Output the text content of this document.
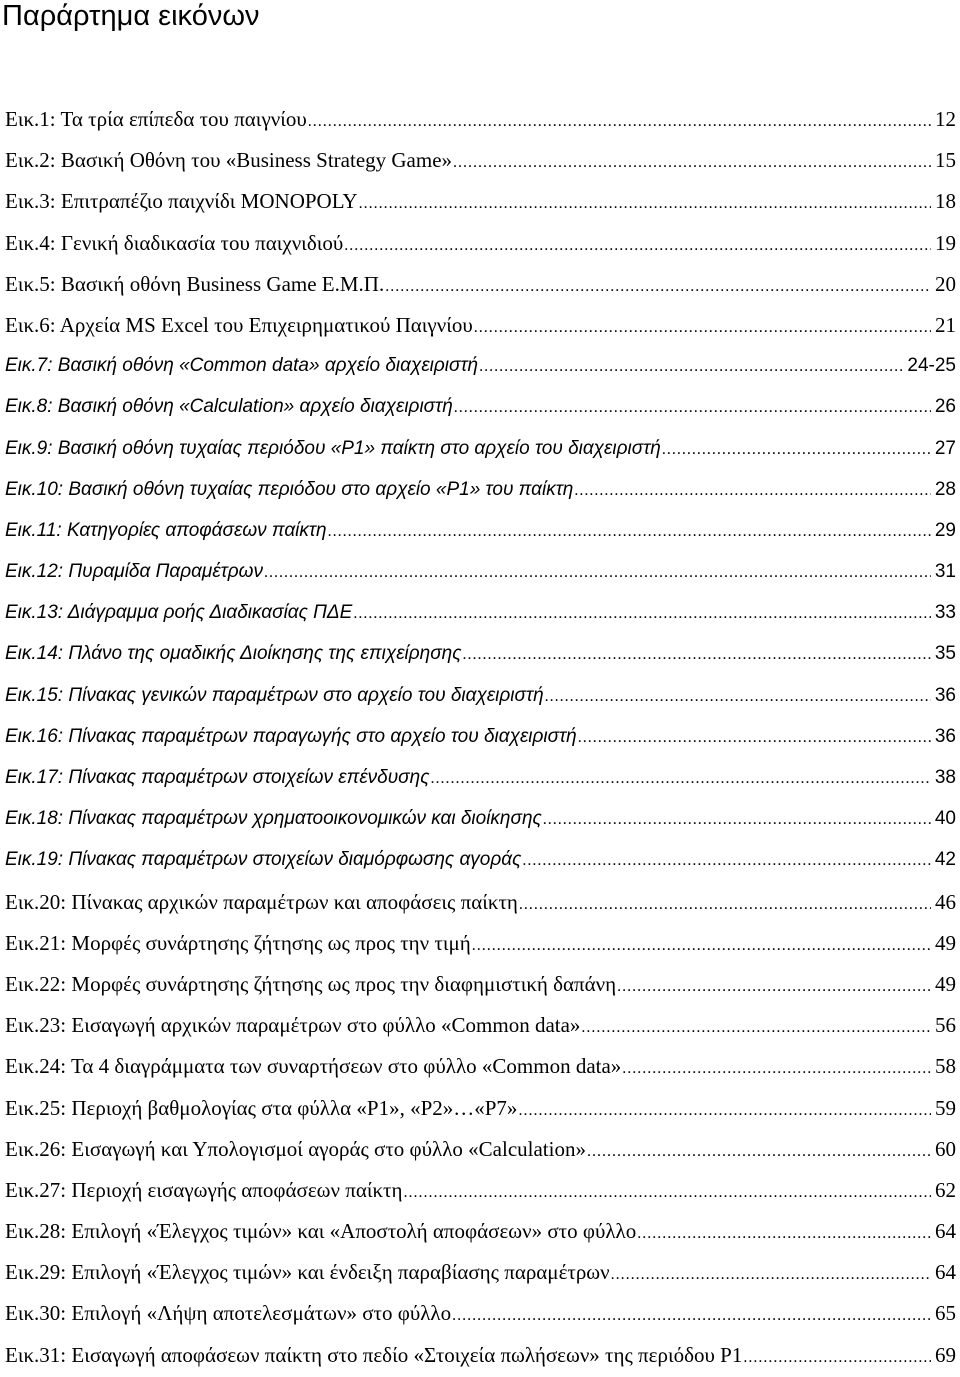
Παράρτημα εικόνων
Εικ.1: Τα τρία επίπεδα του παιγνίου .....	12
Εικ.2: Βασική Οθόνη του «Business Strategy Game» .....	15
Εικ.3: Επιτραπέζιο παιχνίδι MONOPOLY .....	18
Εικ.4: Γενική διαδικασία του παιχνιδιού .....	19
Εικ.5: Βασική οθόνη Business Game Ε.Μ.Π. .....	20
Εικ.6: Αρχεία MS Excel του Επιχειρηματικού Παιγνίου .....	21
Εικ.7: Βασική οθόνη «Common data» αρχείο διαχειριστή .....	24-25
Εικ.8: Βασική οθόνη «Calculation» αρχείο διαχειριστή .....	26
Εικ.9: Βασική οθόνη τυχαίας περιόδου «P1» παίκτη στο αρχείο του διαχειριστή .....	27
Εικ.10: Βασική οθόνη τυχαίας περιόδου στο αρχείο «P1» του παίκτη .....	28
Εικ.11: Κατηγορίες αποφάσεων παίκτη .....	29
Εικ.12: Πυραμίδα Παραμέτρων .....	31
Εικ.13: Διάγραμμα ροής Διαδικασίας ΠΔΕ .....	33
Εικ.14: Πλάνο της ομαδικής Διοίκησης της επιχείρησης .....	35
Εικ.15: Πίνακας γενικών παραμέτρων στο αρχείο του διαχειριστή .....	36
Εικ.16: Πίνακας παραμέτρων παραγωγής στο αρχείο του διαχειριστή .....	36
Εικ.17: Πίνακας παραμέτρων στοιχείων επένδυσης .....	38
Εικ.18: Πίνακας παραμέτρων χρηματοοικονομικών και διοίκησης .....	40
Εικ.19: Πίνακας παραμέτρων στοιχείων διαμόρφωσης αγοράς .....	42
Εικ.20: Πίνακας αρχικών παραμέτρων και αποφάσεις παίκτη .....	46
Εικ.21: Μορφές συνάρτησης ζήτησης ως προς την τιμή .....	49
Εικ.22: Μορφές συνάρτησης ζήτησης ως προς την διαφημιστική δαπάνη .....	49
Εικ.23: Εισαγωγή αρχικών παραμέτρων στο φύλλο «Common data» .....	56
Εικ.24: Τα 4 διαγράμματα των συναρτήσεων στο φύλλο «Common data» .....	58
Εικ.25: Περιοχή βαθμολογίας στα φύλλα «P1», «P2»…«P7» .....	59
Εικ.26: Εισαγωγή και Υπολογισμοί αγοράς στο φύλλο «Calculation» .....	60
Εικ.27: Περιοχή εισαγωγής αποφάσεων παίκτη .....	62
Εικ.28: Επιλογή «Έλεγχος τιμών» και «Αποστολή αποφάσεων» στο φύλλο .....	64
Εικ.29: Επιλογή «Έλεγχος τιμών» και ένδειξη παραβίασης παραμέτρων .....	64
Εικ.30: Επιλογή «Λήψη αποτελεσμάτων» στο φύλλο .....	65
Εικ.31: Εισαγωγή αποφάσεων παίκτη στο πεδίο «Στοιχεία πωλήσεων» της περιόδου Ρ1 .....	69
